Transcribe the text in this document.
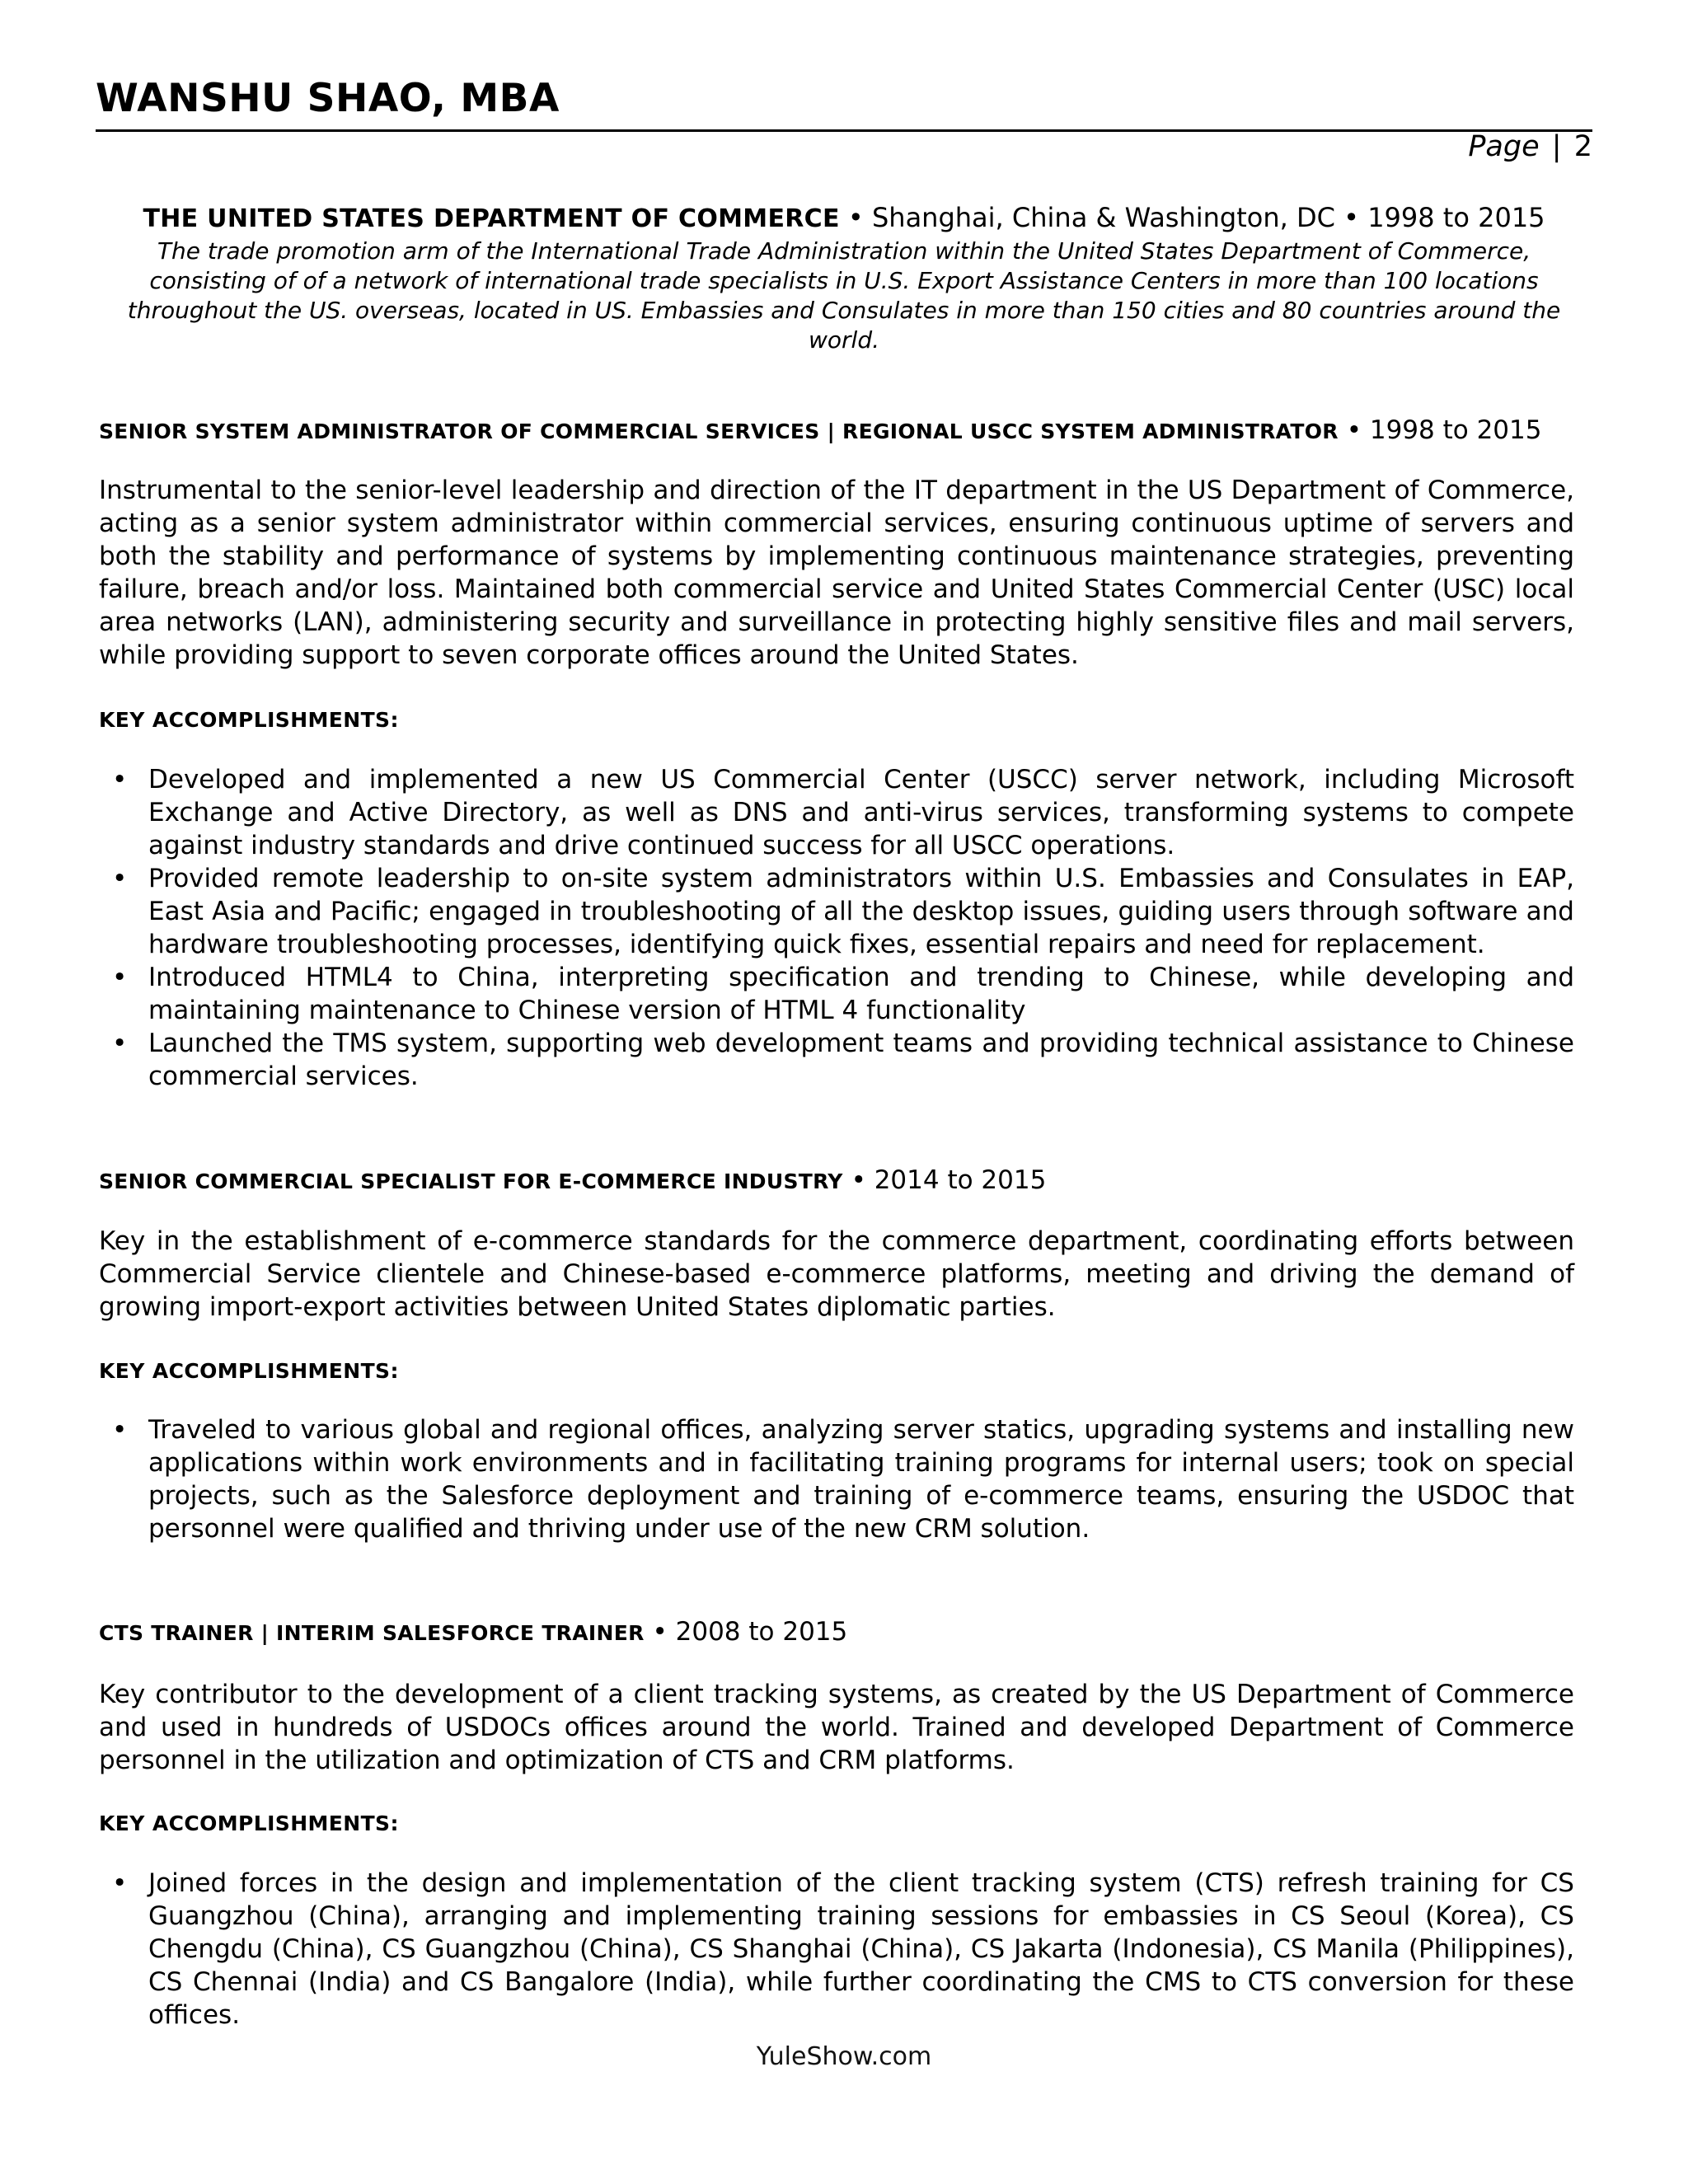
WANSHU SHAO, MBA
Page | 2
THE UNITED STATES DEPARTMENT OF COMMERCE • Shanghai, China & Washington, DC • 1998 to 2015
The trade promotion arm of the International Trade Administration within the United States Department of Commerce, consisting of of a network of international trade specialists in U.S. Export Assistance Centers in more than 100 locations throughout the US. overseas, located in US. Embassies and Consulates in more than 150 cities and 80 countries around the world.
SENIOR SYSTEM ADMINISTRATOR OF COMMERCIAL SERVICES | REGIONAL USCC SYSTEM ADMINISTRATOR • 1998 to 2015
Instrumental to the senior-level leadership and direction of the IT department in the US Department of Commerce, acting as a senior system administrator within commercial services, ensuring continuous uptime of servers and both the stability and performance of systems by implementing continuous maintenance strategies, preventing failure, breach and/or loss. Maintained both commercial service and United States Commercial Center (USC) local area networks (LAN), administering security and surveillance in protecting highly sensitive files and mail servers, while providing support to seven corporate offices around the United States.
KEY ACCOMPLISHMENTS:
• Developed and implemented a new US Commercial Center (USCC) server network, including Microsoft Exchange and Active Directory, as well as DNS and anti-virus services, transforming systems to compete against industry standards and drive continued success for all USCC operations.
• Provided remote leadership to on-site system administrators within U.S. Embassies and Consulates in EAP, East Asia and Pacific; engaged in troubleshooting of all the desktop issues, guiding users through software and hardware troubleshooting processes, identifying quick fixes, essential repairs and need for replacement.
• Introduced HTML4 to China, interpreting specification and trending to Chinese, while developing and maintaining maintenance to Chinese version of HTML 4 functionality
• Launched the TMS system, supporting web development teams and providing technical assistance to Chinese commercial services.
SENIOR COMMERCIAL SPECIALIST FOR E-COMMERCE INDUSTRY • 2014 to 2015
Key in the establishment of e-commerce standards for the commerce department, coordinating efforts between Commercial Service clientele and Chinese-based e-commerce platforms, meeting and driving the demand of growing import-export activities between United States diplomatic parties.
KEY ACCOMPLISHMENTS:
• Traveled to various global and regional offices, analyzing server statics, upgrading systems and installing new applications within work environments and in facilitating training programs for internal users; took on special projects, such as the Salesforce deployment and training of e-commerce teams, ensuring the USDOC that personnel were qualified and thriving under use of the new CRM solution.
CTS TRAINER | INTERIM SALESFORCE TRAINER • 2008 to 2015
Key contributor to the development of a client tracking systems, as created by the US Department of Commerce and used in hundreds of USDOCs offices around the world. Trained and developed Department of Commerce personnel in the utilization and optimization of CTS and CRM platforms.
KEY ACCOMPLISHMENTS:
• Joined forces in the design and implementation of the client tracking system (CTS) refresh training for CS Guangzhou (China), arranging and implementing training sessions for embassies in CS Seoul (Korea), CS Chengdu (China), CS Guangzhou (China), CS Shanghai (China), CS Jakarta (Indonesia), CS Manila (Philippines), CS Chennai (India) and CS Bangalore (India), while further coordinating the CMS to CTS conversion for these offices.
YuleShow.com
